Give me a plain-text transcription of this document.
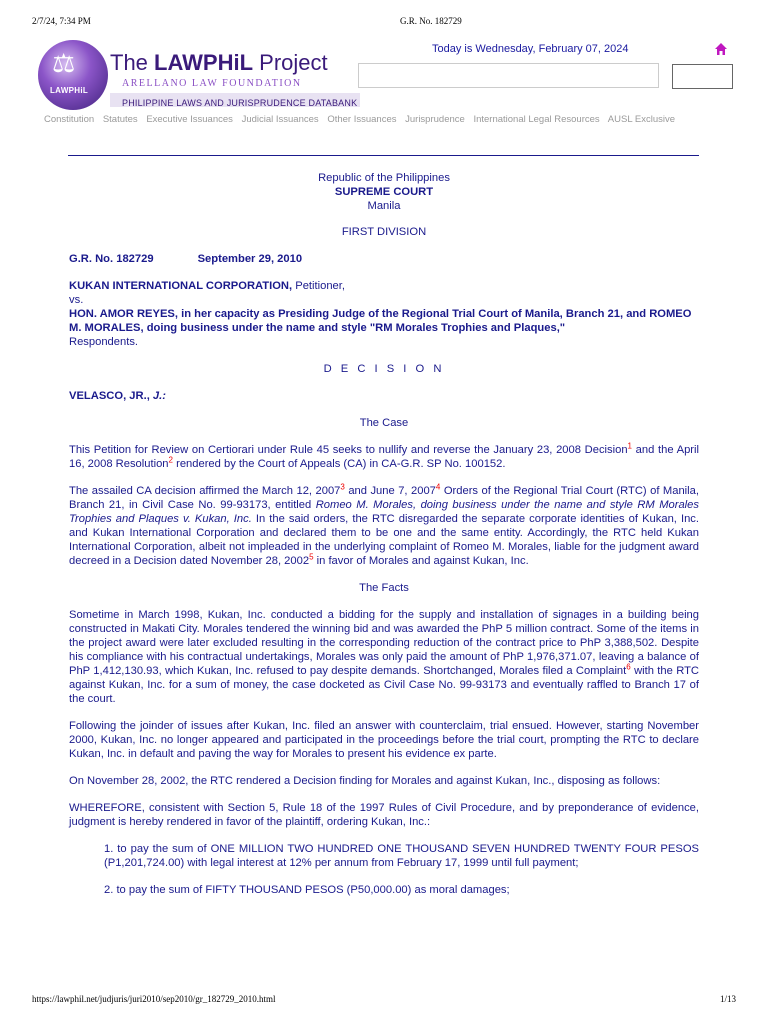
2/7/24, 7:34 PM	G.R. No. 182729
⚖
LAWPHiL
The LAWPHiL Project
ARELLANO LAW FOUNDATION
PHILIPPINE LAWS AND JURISPRUDENCE DATABANK
Today is Wednesday, February 07, 2024
Constitution Statutes Executive Issuances Judicial Issuances Other Issuances Jurisprudence International Legal Resources AUSL Exclusive

Republic of the Philippines

SUPREME COURT

Manila

FIRST DIVISION

G.R. No. 182729	September 29, 2010

KUKAN INTERNATIONAL CORPORATION, Petitioner,

vs.

HON. AMOR REYES, in her capacity as Presiding Judge of the Regional Trial Court of Manila, Branch 21, and ROMEO M. MORALES, doing business under the name and style "RM Morales Trophies and Plaques,"

Respondents.

D E C I S I O N

VELASCO, JR., J.:

The Case

This Petition for Review on Certiorari under Rule 45 seeks to nullify and reverse the January 23, 2008 Decision$^1$ and the April 16, 2008 Resolution$^2$ rendered by the Court of Appeals (CA) in CA-G.R. SP No. 100152.

The assailed CA decision affirmed the March 12, 2007$^3$ and June 7, 2007$^4$ Orders of the Regional Trial Court (RTC) of Manila, Branch 21, in Civil Case No. 99-93173, entitled Romeo M. Morales, doing business under the name and style RM Morales Trophies and Plaques v. Kukan, Inc. In the said orders, the RTC disregarded the separate corporate identities of Kukan, Inc. and Kukan International Corporation and declared them to be one and the same entity. Accordingly, the RTC held Kukan International Corporation, albeit not impleaded in the underlying complaint of Romeo M. Morales, liable for the judgment award decreed in a Decision dated November 28, 2002$^5$ in favor of Morales and against Kukan, Inc.

The Facts

Sometime in March 1998, Kukan, Inc. conducted a bidding for the supply and installation of signages in a building being constructed in Makati City. Morales tendered the winning bid and was awarded the PhP 5 million contract. Some of the items in the project award were later excluded resulting in the corresponding reduction of the contract price to PhP 3,388,502. Despite his compliance with his contractual undertakings, Morales was only paid the amount of PhP 1,976,371.07, leaving a balance of PhP 1,412,130.93, which Kukan, Inc. refused to pay despite demands. Shortchanged, Morales filed a Complaint$^6$ with the RTC against Kukan, Inc. for a sum of money, the case docketed as Civil Case No. 99-93173 and eventually raffled to Branch 17 of the court.

Following the joinder of issues after Kukan, Inc. filed an answer with counterclaim, trial ensued. However, starting November 2000, Kukan, Inc. no longer appeared and participated in the proceedings before the trial court, prompting the RTC to declare Kukan, Inc. in default and paving the way for Morales to present his evidence ex parte.

On November 28, 2002, the RTC rendered a Decision finding for Morales and against Kukan, Inc., disposing as follows:

WHEREFORE, consistent with Section 5, Rule 18 of the 1997 Rules of Civil Procedure, and by preponderance of evidence, judgment is hereby rendered in favor of the plaintiff, ordering Kukan, Inc.:

1. to pay the sum of ONE MILLION TWO HUNDRED ONE THOUSAND SEVEN HUNDRED TWENTY FOUR PESOS (P1,201,724.00) with legal interest at 12% per annum from February 17, 1999 until full payment;

2. to pay the sum of FIFTY THOUSAND PESOS (P50,000.00) as moral damages;

https://lawphil.net/judjuris/juri2010/sep2010/gr_182729_2010.html	1/13
